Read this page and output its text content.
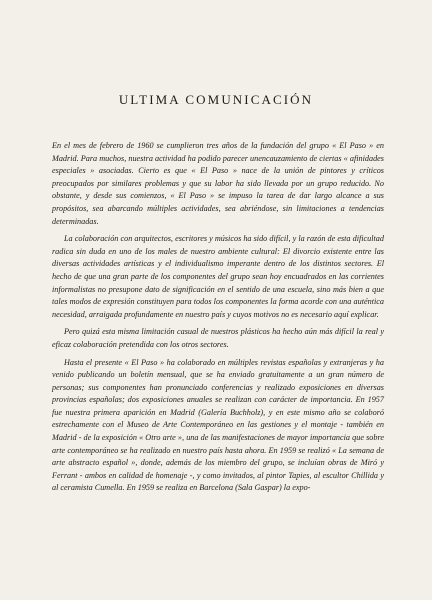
ULTIMA COMUNICACIÓN

En el mes de febrero de 1960 se cumplieron tres años de la fundación del grupo « El Paso » en Madrid. Para muchos, nuestra actividad ha podido parecer unencauzamiento de ciertas « afinidades especiales » asociadas. Cierto es que « El Paso » nace de la unión de pintores y críticos preocupados por similares problemas y que su labor ha sido llevada por un grupo reducido. No obstante, y desde sus comienzos, « El Paso » se impuso la tarea de dar largo alcance a sus propósitos, sea abarcando múltiples actividades, sea abriéndose, sin limitaciones a tendencias determinadas.

La colaboración con arquitectos, escritores y músicos ha sido difícil, y la razón de esta dificultad radica sin duda en uno de los males de nuestro ambiente cultural: El divorcio existente entre las diversas actividades artísticas y el individualismo imperante dentro de los distintos sectores. El hecho de que una gran parte de los componentes del grupo sean hoy encuadrados en las corrientes informalistas no presupone dato de significación en el sentido de una escuela, sino más bien a que tales modos de expresión constituyen para todos los componentes la forma acorde con una auténtica necesidad, arraigada profundamente en nuestro país y cuyos motivos no es necesario aquí explicar.

Pero quizá esta misma limitación casual de nuestros plásticos ha hecho aún más difícil la real y eficaz colaboración pretendida con los otros sectores.

Hasta el presente « El Paso » ha colaborado en múltiples revistas españolas y extranjeras y ha venido publicando un boletín mensual, que se ha enviado gratuitamente a un gran número de personas; sus componentes han pronunciado conferencias y realizado exposiciones en diversas provincias españolas; dos exposiciones anuales se realizan con carácter de importancia. En 1957 fue nuestra primera aparición en Madrid (Galería Buchholz), y en este mismo año se colaboró estrechamente con el Museo de Arte Contemporáneo en las gestiones y el montaje - también en Madrid - de la exposición « Otro arte », una de las manifestaciones de mayor importancia que sobre arte contemporáneo se ha realizado en nuestro país hasta ahora. En 1959 se realizó « La semana de arte abstracto español », donde, además de los miembro del grupo, se incluían obras de Miró y Ferrant - ambos en calidad de homenaje -, y como invitados, al pintor Tapies, al escultor Chillida y al ceramista Cumella. En 1959 se realiza en Barcelona (Sala Gaspar) la expo-
